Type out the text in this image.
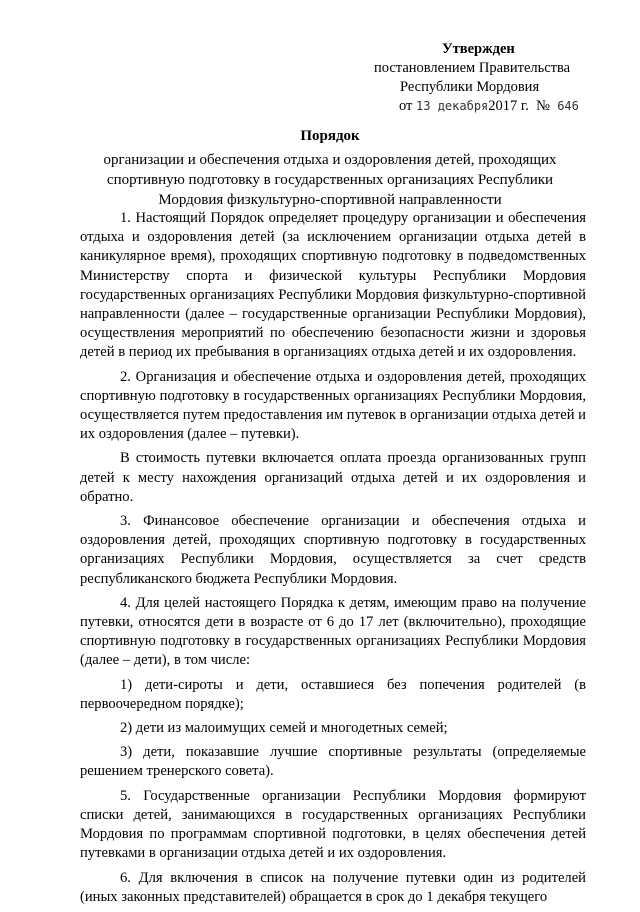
Утвержден
постановлением Правительства
Республики Мордовия
от 13 декабря2017 г.  №  646
Порядок
организации и обеспечения отдыха и оздоровления детей, проходящих спортивную подготовку в государственных организациях Республики Мордовия физкультурно-спортивной направленности

1. Настоящий Порядок определяет процедуру организации и обеспечения отдыха и оздоровления детей (за исключением организации отдыха детей в каникулярное время), проходящих спортивную подготовку в подведомственных Министерству спорта и физической культуры Республики Мордовия государственных организациях Республики Мордовия физкультурно-спортивной направленности (далее – государственные организации Республики Мордовия), осуществления мероприятий по обеспечению безопасности жизни и здоровья детей в период их пребывания в организациях отдыха детей и их оздоровления.

2. Организация и обеспечение отдыха и оздоровления детей, проходящих спортивную подготовку в государственных организациях Республики Мордовия, осуществляется путем предоставления им путевок в организации отдыха детей и их оздоровления (далее – путевки).

В стоимость путевки включается оплата проезда организованных групп детей к месту нахождения организаций отдыха детей и их оздоровления и обратно.

3. Финансовое обеспечение организации и обеспечения отдыха и оздоровления детей, проходящих спортивную подготовку в государственных организациях Республики Мордовия, осуществляется за счет средств республиканского бюджета Республики Мордовия.

4. Для целей настоящего Порядка к детям, имеющим право на получение путевки, относятся дети в возрасте от 6 до 17 лет (включительно), проходящие спортивную подготовку в государственных организациях Республики Мордовия (далее – дети), в том числе:

1) дети-сироты и дети, оставшиеся без попечения родителей (в первоочередном порядке);

2) дети из малоимущих семей и многодетных семей;

3) дети, показавшие лучшие спортивные результаты (определяемые решением тренерского совета).

5. Государственные организации Республики Мордовия формируют списки детей, занимающихся в государственных организациях Республики Мордовия по программам спортивной подготовки, в целях обеспечения детей путевками в организации отдыха детей и их оздоровления.

6. Для включения в список на получение путевки один из родителей (иных законных представителей) обращается в срок до 1 декабря текущего
